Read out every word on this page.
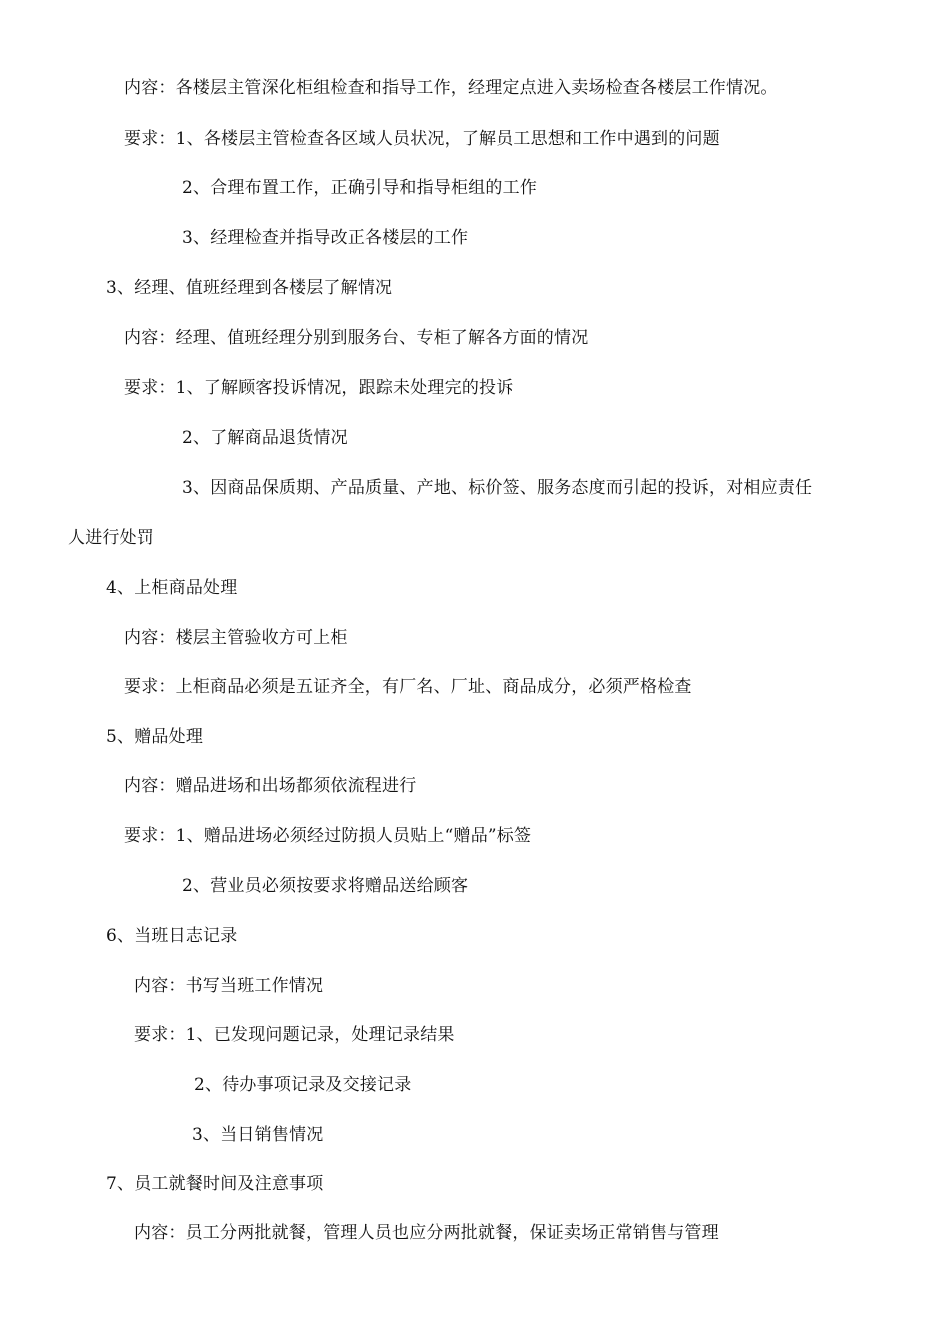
内容：各楼层主管深化柜组检查和指导工作，经理定点进入卖场检查各楼层工作情况。
要求：1、各楼层主管检查各区域人员状况，了解员工思想和工作中遇到的问题
2、合理布置工作，正确引导和指导柜组的工作
3、经理检查并指导改正各楼层的工作
3、经理、值班经理到各楼层了解情况
内容：经理、值班经理分别到服务台、专柜了解各方面的情况
要求：1、了解顾客投诉情况，跟踪未处理完的投诉
2、了解商品退货情况
3、因商品保质期、产品质量、产地、标价签、服务态度而引起的投诉，对相应责任
人进行处罚
4、上柜商品处理
内容：楼层主管验收方可上柜
要求：上柜商品必须是五证齐全，有厂名、厂址、商品成分，必须严格检查
5、赠品处理
内容：赠品进场和出场都须依流程进行
要求：1、赠品进场必须经过防损人员贴上“赠品”标签
2、营业员必须按要求将赠品送给顾客
6、当班日志记录
内容：书写当班工作情况
要求：1、已发现问题记录，处理记录结果
2、待办事项记录及交接记录
3、当日销售情况
7、员工就餐时间及注意事项
内容：员工分两批就餐，管理人员也应分两批就餐，保证卖场正常销售与管理
